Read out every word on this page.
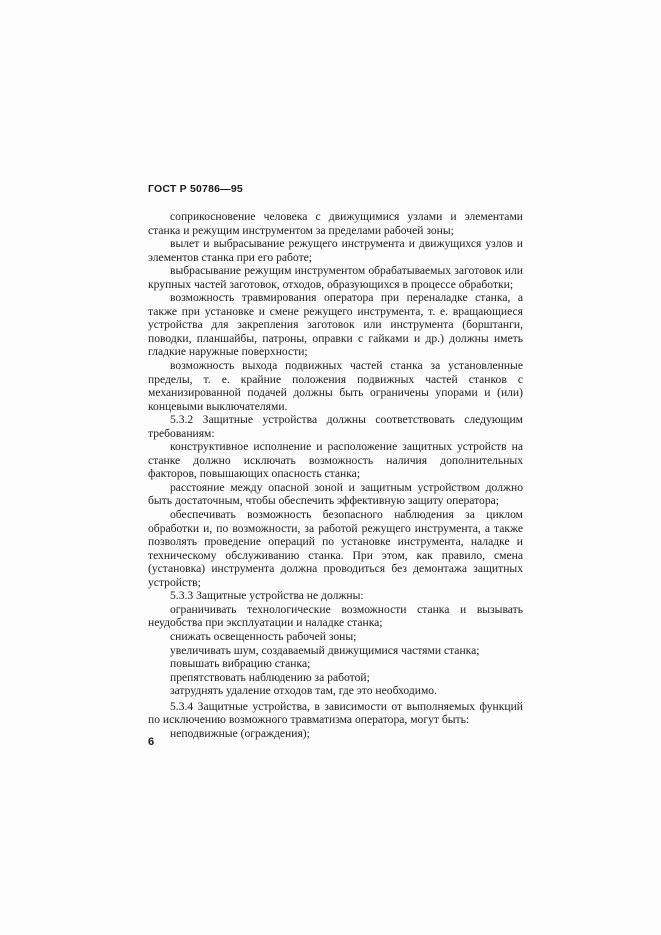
ГОСТ Р 50786—95

соприкосновение человека с движущимися узлами и элементами станка и режущим инструментом за пределами рабочей зоны;

вылет и выбрасывание режущего инструмента и движущихся узлов и элементов станка при его работе;

выбрасывание режущим инструментом обрабатываемых заготовок или крупных частей заготовок, отходов, образующихся в процессе обработки;

возможность травмирования оператора при переналадке станка, а также при установке и смене режущего инструмента, т. е. вращающиеся устройства для закрепления заготовок или инструмента (борштанги, поводки, планшайбы, патроны, оправки с гайками и др.) должны иметь гладкие наружные поверхности;

возможность выхода подвижных частей станка за установленные пределы, т. е. крайние положения подвижных частей станков с механизированной подачей должны быть ограничены упорами и (или) концевыми выключателями.

5.3.2 Защитные устройства должны соответствовать следующим требованиям:

конструктивное исполнение и расположение защитных устройств на станке должно исключать возможность наличия дополнительных факторов, повышающих опасность станка;

расстояние между опасной зоной и защитным устройством должно быть достаточным, чтобы обеспечить эффективную защиту оператора;

обеспечивать возможность безопасного наблюдения за циклом обработки и, по возможности, за работой режущего инструмента, а также позволять проведение операций по установке инструмента, наладке и техническому обслуживанию станка. При этом, как правило, смена (установка) инструмента должна проводиться без демонтажа защитных устройств;

5.3.3 Защитные устройства не должны:

ограничивать технологические возможности станка и вызывать неудобства при эксплуатации и наладке станка;

снижать освещенность рабочей зоны;

увеличивать шум, создаваемый движущимися частями станка;

повышать вибрацию станка;

препятствовать наблюдению за работой;

затруднять удаление отходов там, где это необходимо.

5.3.4 Защитные устройства, в зависимости от выполняемых функций по исключению возможного травматизма оператора, могут быть:

неподвижные (ограждения);

6
